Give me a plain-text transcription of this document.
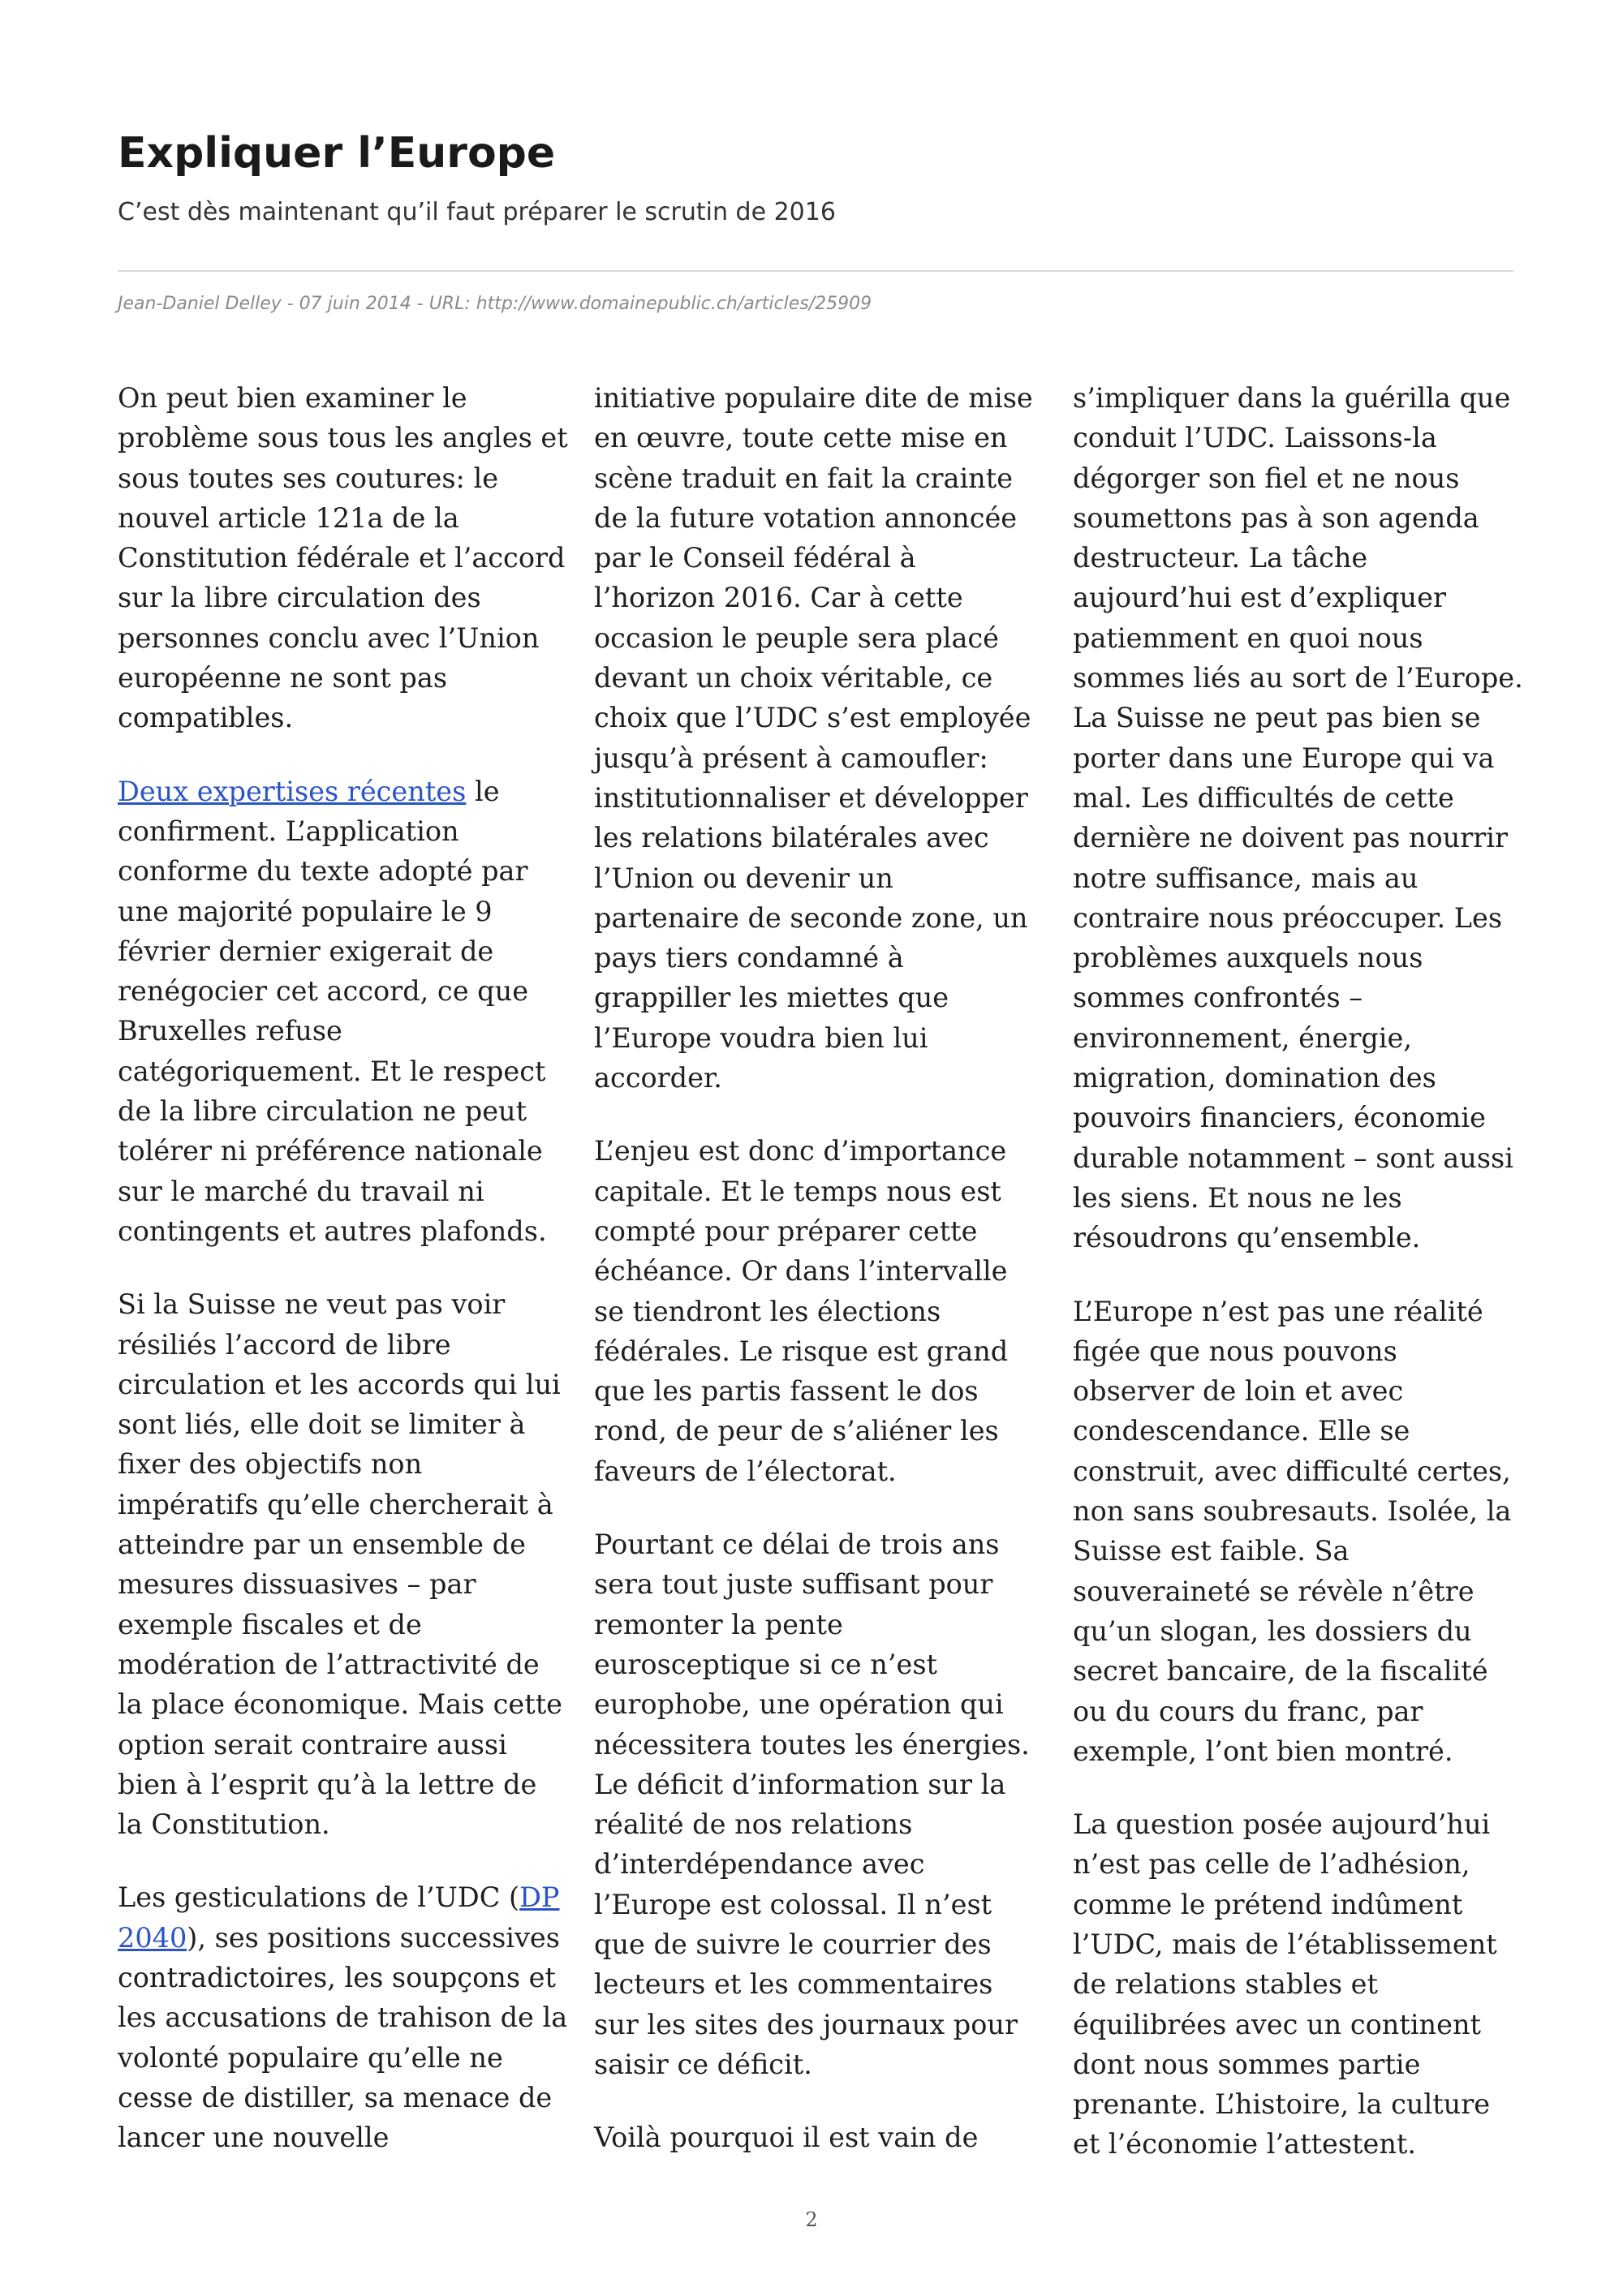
Expliquer l’Europe

C’est dès maintenant qu’il faut préparer le scrutin de 2016

Jean-Daniel Delley - 07 juin 2014 - URL: http://www.domainepublic.ch/articles/25909

On peut bien examiner le problème sous tous les angles et sous toutes ses coutures: le nouvel article 121a de la Constitution fédérale et l’accord sur la libre circulation des personnes conclu avec l’Union européenne ne sont pas compatibles.

Deux expertises récentes le confirment. L’application conforme du texte adopté par une majorité populaire le 9 février dernier exigerait de renégocier cet accord, ce que Bruxelles refuse catégoriquement. Et le respect de la libre circulation ne peut tolérer ni préférence nationale sur le marché du travail ni contingents et autres plafonds.

Si la Suisse ne veut pas voir résiliés l’accord de libre circulation et les accords qui lui sont liés, elle doit se limiter à fixer des objectifs non impératifs qu’elle chercherait à atteindre par un ensemble de mesures dissuasives – par exemple fiscales et de modération de l’attractivité de la place économique. Mais cette option serait contraire aussi bien à l’esprit qu’à la lettre de la Constitution.

Les gesticulations de l’UDC (DP 2040), ses positions successives contradictoires, les soupçons et les accusations de trahison de la volonté populaire qu’elle ne cesse de distiller, sa menace de lancer une nouvelle

initiative populaire dite de mise en œuvre, toute cette mise en scène traduit en fait la crainte de la future votation annoncée par le Conseil fédéral à l’horizon 2016. Car à cette occasion le peuple sera placé devant un choix véritable, ce choix que l’UDC s’est employée jusqu’à présent à camoufler: institutionnaliser et développer les relations bilatérales avec l’Union ou devenir un partenaire de seconde zone, un pays tiers condamné à grappiller les miettes que l’Europe voudra bien lui accorder.

L’enjeu est donc d’importance capitale. Et le temps nous est compté pour préparer cette échéance. Or dans l’intervalle se tiendront les élections fédérales. Le risque est grand que les partis fassent le dos rond, de peur de s’aliéner les faveurs de l’électorat.

Pourtant ce délai de trois ans sera tout juste suffisant pour remonter la pente eurosceptique si ce n’est europhobe, une opération qui nécessitera toutes les énergies. Le déficit d’information sur la réalité de nos relations d’interdépendance avec l’Europe est colossal. Il n’est que de suivre le courrier des lecteurs et les commentaires sur les sites des journaux pour saisir ce déficit.

Voilà pourquoi il est vain de

s’impliquer dans la guérilla que conduit l’UDC. Laissons-la dégorger son fiel et ne nous soumettons pas à son agenda destructeur. La tâche aujourd’hui est d’expliquer patiemment en quoi nous sommes liés au sort de l’Europe. La Suisse ne peut pas bien se porter dans une Europe qui va mal. Les difficultés de cette dernière ne doivent pas nourrir notre suffisance, mais au contraire nous préoccuper. Les problèmes auxquels nous sommes confrontés – environnement, énergie, migration, domination des pouvoirs financiers, économie durable notamment – sont aussi les siens. Et nous ne les résoudrons qu’ensemble.

L’Europe n’est pas une réalité figée que nous pouvons observer de loin et avec condescendance. Elle se construit, avec difficulté certes, non sans soubresauts. Isolée, la Suisse est faible. Sa souveraineté se révèle n’être qu’un slogan, les dossiers du secret bancaire, de la fiscalité ou du cours du franc, par exemple, l’ont bien montré.

La question posée aujourd’hui n’est pas celle de l’adhésion, comme le prétend indûment l’UDC, mais de l’établissement de relations stables et équilibrées avec un continent dont nous sommes partie prenante. L’histoire, la culture et l’économie l’attestent.

2
